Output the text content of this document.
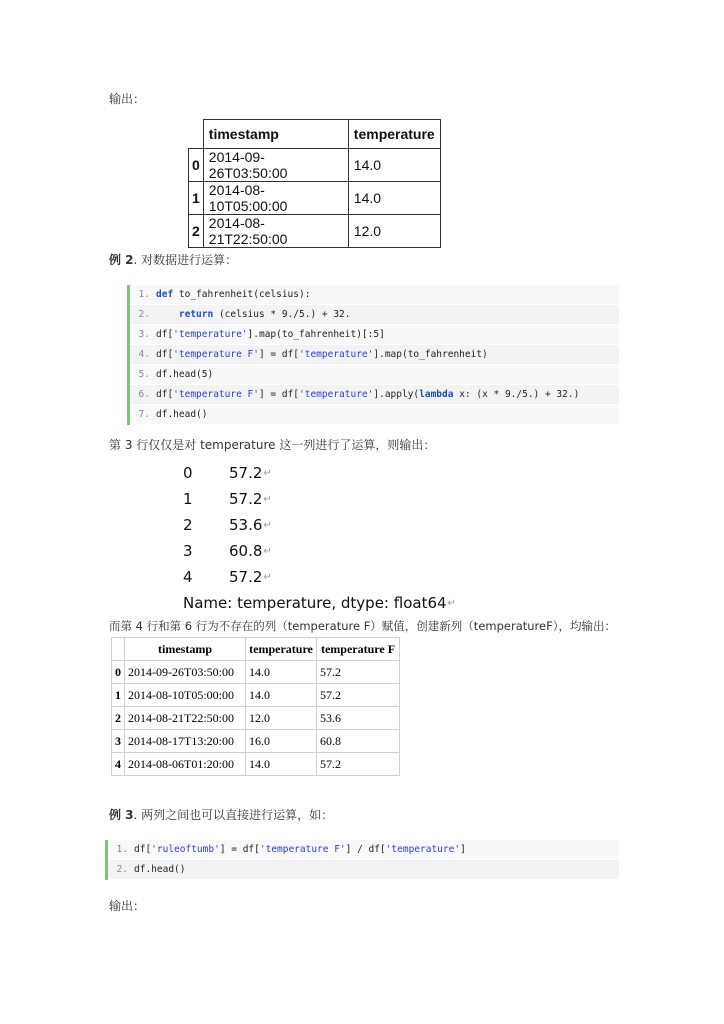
输出：
	timestamp	temperature
0	2014-09-26T03:50:00	14.0
1	2014-08-10T05:00:00	14.0
2	2014-08-21T22:50:00	12.0
例 2. 对数据进行运算：
1. def to_fahrenheit(celsius):
2.	return (celsius * 9./5.) + 32.
3. df['temperature'].map(to_fahrenheit)[:5]
4. df['temperature F'] = df['temperature'].map(to_fahrenheit)
5. df.head(5)
6. df['temperature F'] = df['temperature'].apply(lambda x: (x * 9./5.) + 32.)
7. df.head()
第 3 行仅仅是对 temperature 这一列进行了运算，则输出：
0	57.2 ↵
1	57.2 ↵
2	53.6 ↵
3	60.8 ↵
4	57.2 ↵
Name: temperature, dtype: float64 ↵
而第 4 行和第 6 行为不存在的列（temperature F）赋值，创建新列（temperatureF），均输出：
	timestamp	temperature	temperature F
0	2014-09-26T03:50:00	14.0	57.2
1	2014-08-10T05:00:00	14.0	57.2
2	2014-08-21T22:50:00	12.0	53.6
3	2014-08-17T13:20:00	16.0	60.8
4	2014-08-06T01:20:00	14.0	57.2
例 3. 两列之间也可以直接进行运算，如：
1. df['ruleoftumb'] = df['temperature F'] / df['temperature']
2. df.head()
输出：
